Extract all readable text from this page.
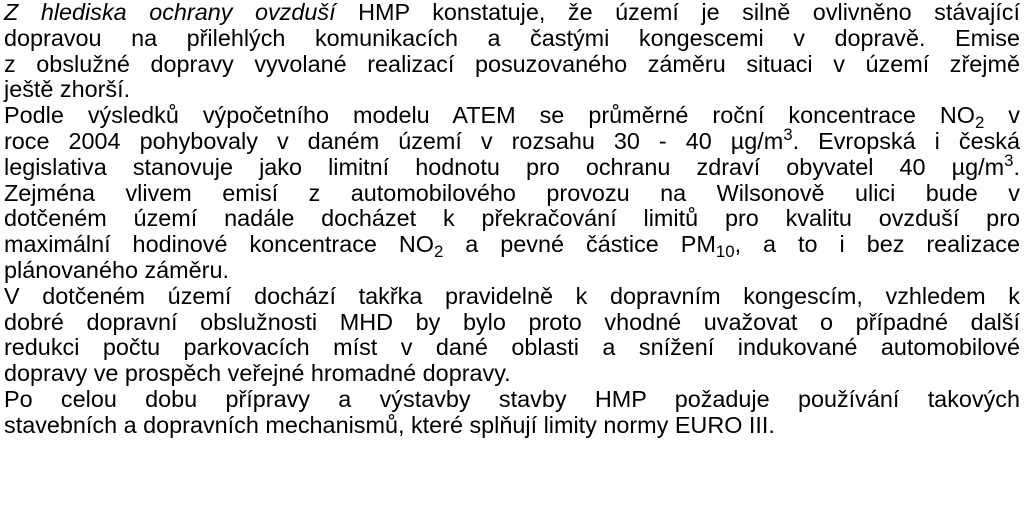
Z hlediska ochrany ovzduší HMP konstatuje, že území je silně ovlivněno stávající
dopravou na přilehlých komunikacích a častými kongescemi v dopravě. Emise
z obslužné dopravy vyvolané realizací posuzovaného záměru situaci v území zřejmě
ještě zhorší.
Podle výsledků výpočetního modelu ATEM se průměrné roční koncentrace $NO_2$ v
roce 2004 pohybovaly v daném území v rozsahu 30 - 40 $\mu g/m^3$. Evropská i česká
legislativa stanovuje jako limitní hodnotu pro ochranu zdraví obyvatel 40 $\mu g/m^3$.
Zejména vlivem emisí z automobilového provozu na Wilsonově ulici bude v
dotčeném území nadále docházet k překračování limitů pro kvalitu ovzduší pro
maximální hodinové koncentrace $NO_2$ a pevné částice $PM_{10}$, a to i bez realizace
plánovaného záměru.
V dotčeném území dochází takřka pravidelně k dopravním kongescím, vzhledem k
dobré dopravní obslužnosti MHD by bylo proto vhodné uvažovat o případné další
redukci počtu parkovacích míst v dané oblasti a snížení indukované automobilové
dopravy ve prospěch veřejné hromadné dopravy.
Po celou dobu přípravy a výstavby stavby HMP požaduje používání takových
stavebních a dopravních mechanismů, které splňují limity normy EURO III.
